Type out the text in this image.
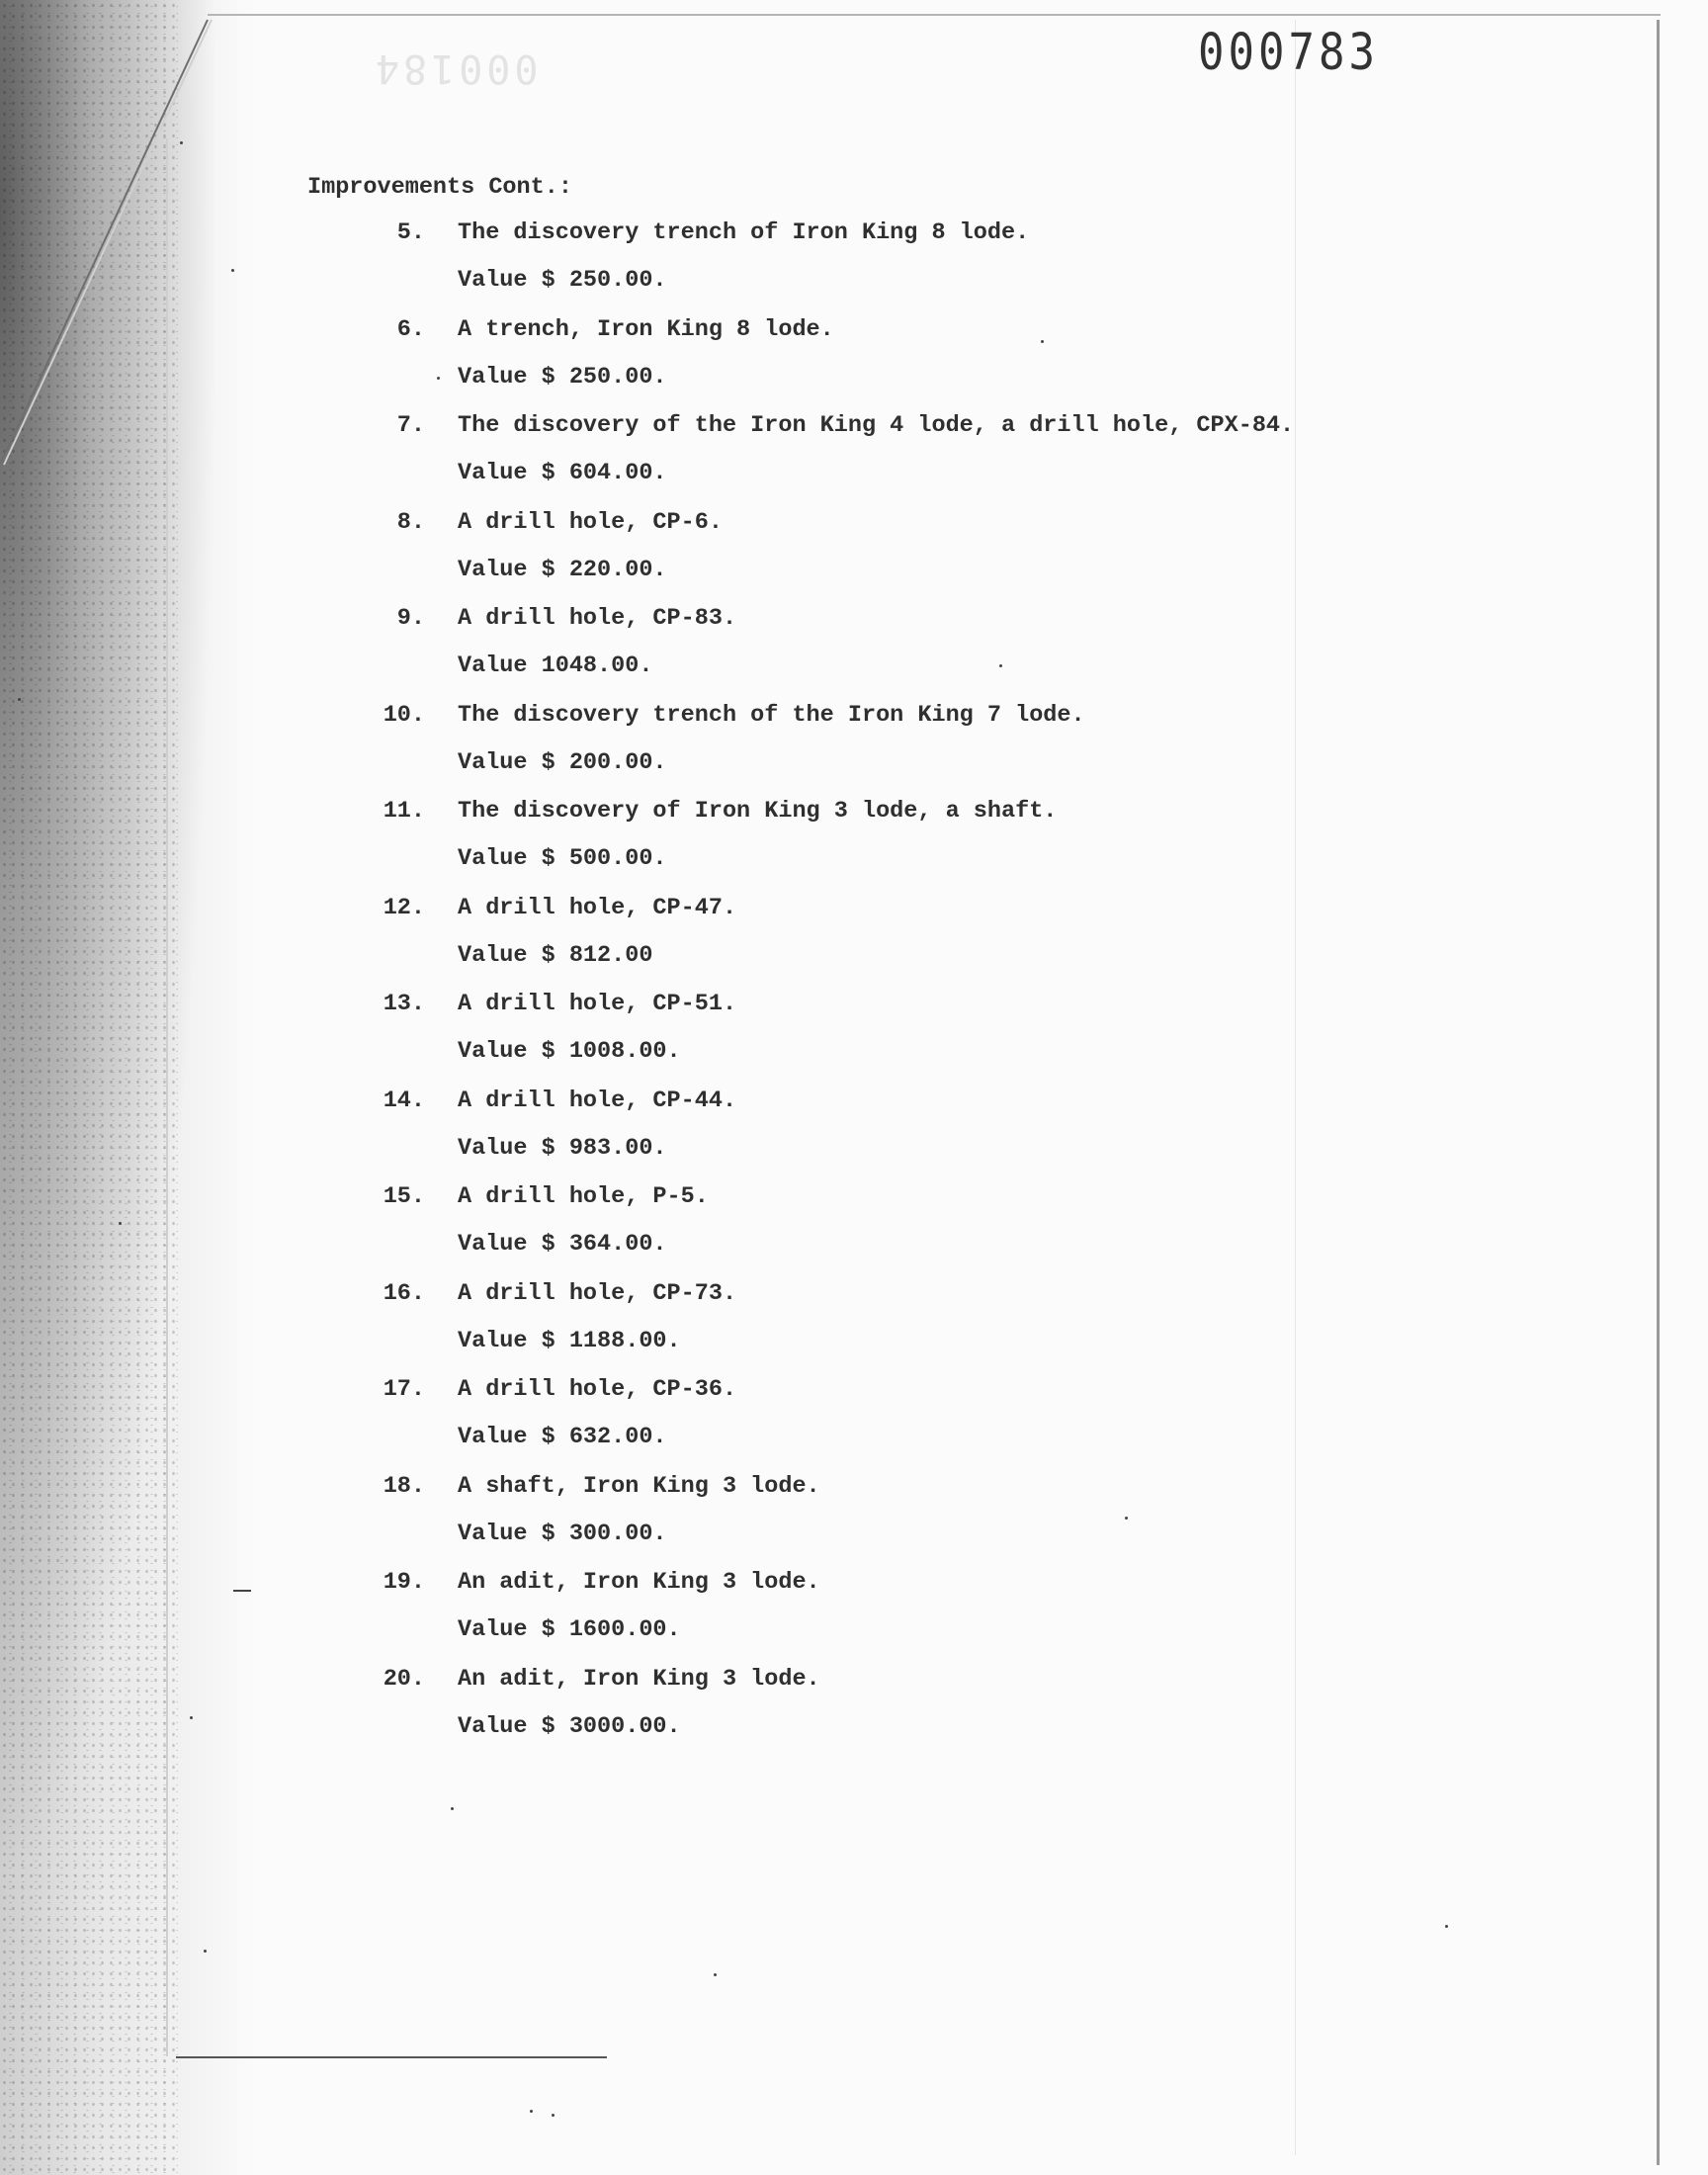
000184	000783
Improvements Cont.:
5. The discovery trench of Iron King 8 lode.
Value $ 250.00.
6. A trench, Iron King 8 lode.
Value $ 250.00.
7. The discovery of the Iron King 4 lode, a drill hole, CPX-84.
Value $ 604.00.
8. A drill hole, CP-6.
Value $ 220.00.
9. A drill hole, CP-83.
Value 1048.00.
10. The discovery trench of the Iron King 7 lode.
Value $ 200.00.
11. The discovery of Iron King 3 lode, a shaft.
Value $ 500.00.
12. A drill hole, CP-47.
Value $ 812.00
13. A drill hole, CP-51.
Value $ 1008.00.
14. A drill hole, CP-44.
Value $ 983.00.
15. A drill hole, P-5.
Value $ 364.00.
16. A drill hole, CP-73.
Value $ 1188.00.
17. A drill hole, CP-36.
Value $ 632.00.
18. A shaft, Iron King 3 lode.
Value $ 300.00.
19. An adit, Iron King 3 lode.
Value $ 1600.00.
20. An adit, Iron King 3 lode.
Value $ 3000.00.
